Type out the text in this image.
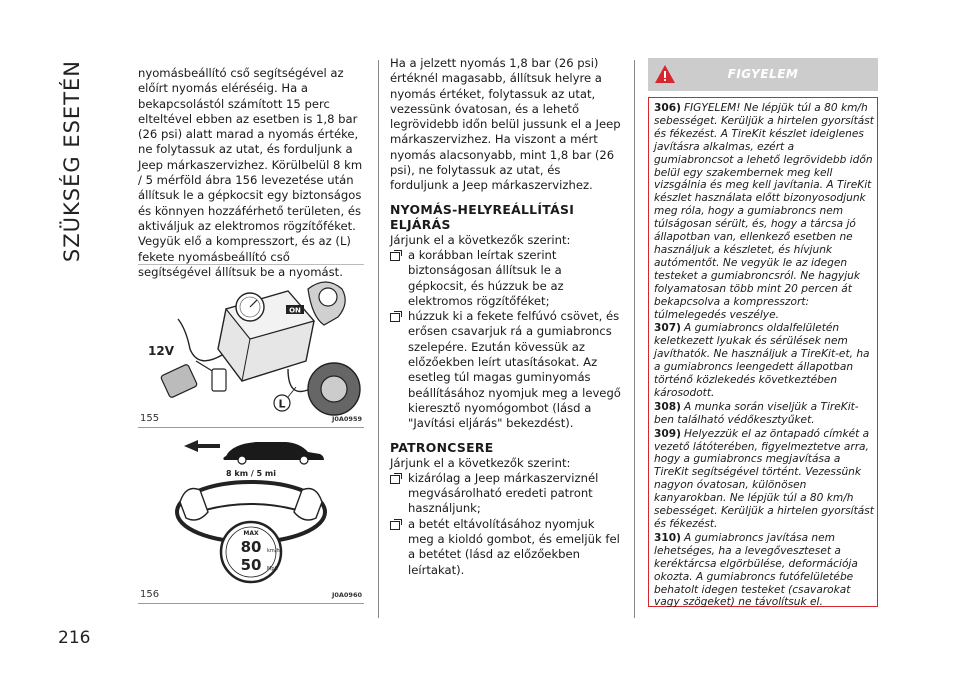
SZÜKSÉG ESETÉN	nyomásbeállító cső segítségével az előírt nyomás eléréséig. Ha a bekapcsolástól számított 15 perc elteltével ebben az esetben is 1,8 bar (26 psi) alatt marad a nyomás értéke, ne folytassuk az utat, és forduljunk a Jeep márkaszervizhez. Körülbelül 8 km / 5 mérföld ábra 156 levezetése után állítsuk le a gépkocsit egy biztonságos és könnyen hozzáférhető területen, és aktiváljuk az elektromos rögzítőféket. Vegyük elő a kompresszort, és az (L) fekete nyomásbeállító cső segítségével állítsuk be a nyomást.

ON
12V
L
155	J0A0959
8 km / 5 mi
MAX
80 km/h
50 Mph
156	J0A0960

Ha a jelzett nyomás 1,8 bar (26 psi) értéknél magasabb, állítsuk helyre a nyomás értéket, folytassuk az utat, vezessünk óvatosan, és a lehető legrövidebb időn belül jussunk el a Jeep márkaszervizhez. Ha viszont a mért nyomás alacsonyabb, mint 1,8 bar (26 psi), ne folytassuk az utat, és forduljunk a Jeep márkaszervizhez.

NYOMÁS-HELYREÁLLÍTÁSI ELJÁRÁS

Járjunk el a következők szerint:

a korábban leírtak szerint biztonságosan állítsuk le a gépkocsit, és húzzuk be az elektromos rögzítőféket;
húzzuk ki a fekete felfúvó csövet, és erősen csavarjuk rá a gumiabroncs szelepére. Ezután kövessük az előzőekben leírt utasításokat. Az esetleg túl magas guminyomás beállításához nyomjuk meg a levegő kieresztő nyomógombot (lásd a "Javítási eljárás" bekezdést).
PATRONCSERE

Járjunk el a következők szerint:

kizárólag a Jeep márkaszerviznél megvásárolható eredeti patront használjunk;
a betét eltávolításához nyomjuk meg a kioldó gombot, és emeljük fel a betétet (lásd az előzőekben leírtakat).
FIGYELEM

306) FIGYELEM! Ne lépjük túl a 80 km/h sebességet. Kerüljük a hirtelen gyorsítást és fékezést. A TireKit készlet ideiglenes javításra alkalmas, ezért a gumiabroncsot a lehető legrövidebb időn belül egy szakembernek meg kell vizsgálnia és meg kell javítania. A TireKit készlet használata előtt bizonyosodjunk meg róla, hogy a gumiabroncs nem túlságosan sérült, és, hogy a tárcsa jó állapotban van, ellenkező esetben ne használjuk a készletet, és hívjunk autómentőt. Ne vegyük le az idegen testeket a gumiabroncsról. Ne hagyjuk folyamatosan több mint 20 percen át bekapcsolva a kompresszort: túlmelegedés veszélye.

307) A gumiabroncs oldalfelületén keletkezett lyukak és sérülések nem javíthatók. Ne használjuk a TireKit-et, ha a gumiabroncs leengedett állapotban történő közlekedés következtében károsodott.

308) A munka során viseljük a TireKit-ben található védőkesztyűket.

309) Helyezzük el az öntapadó címkét a vezető látóterében, figyelmeztetve arra, hogy a gumiabroncs megjavítása a TireKit segítségével történt. Vezessünk nagyon óvatosan, különösen kanyarokban. Ne lépjük túl a 80 km/h sebességet. Kerüljük a hirtelen gyorsítást és fékezést.

310) A gumiabroncs javítása nem lehetséges, ha a levegőveszteset a keréktárcsa elgörbülése, deformációja okozta. A gumiabroncs futófelületébe behatolt idegen testeket (csavarokat vagy szögeket) ne távolítsuk el.

216
